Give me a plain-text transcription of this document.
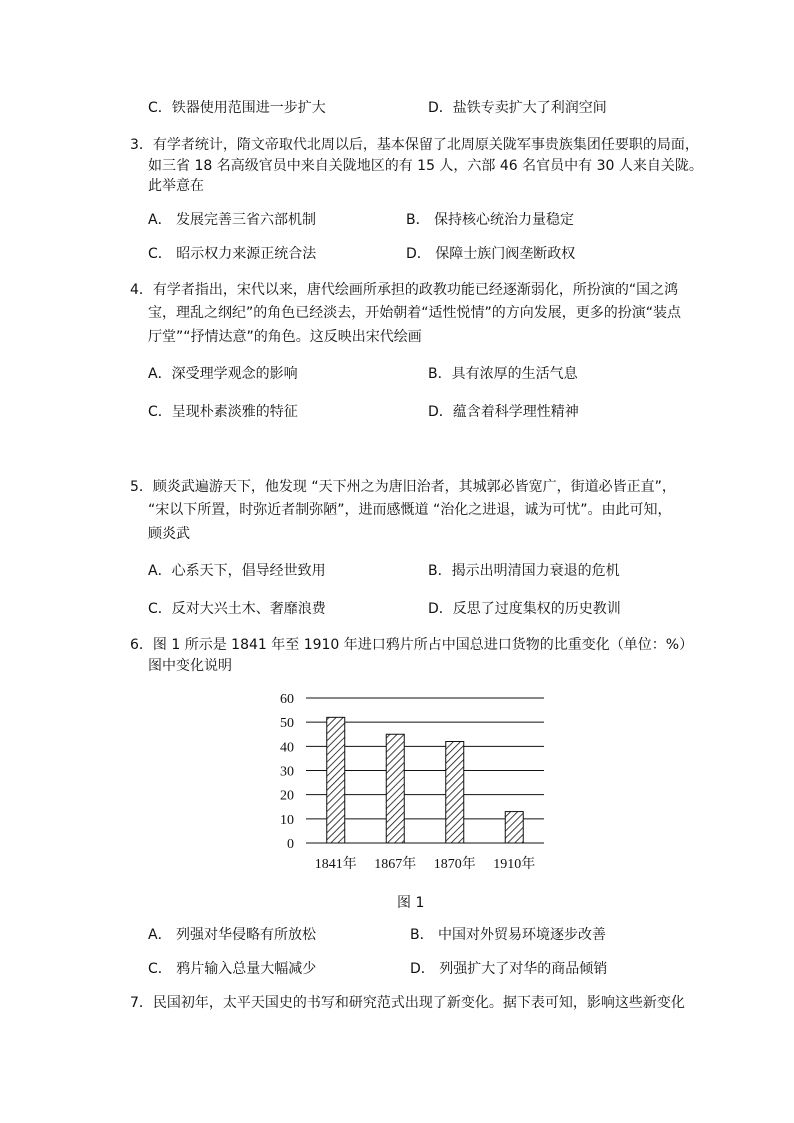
C．铁器使用范围进一步扩大	D．盐铁专卖扩大了利润空间
3．有学者统计，隋文帝取代北周以后，基本保留了北周原关陇军事贵族集团任要职的局面，
如三省 18 名高级官员中来自关陇地区的有 15 人，六部 46 名官员中有 30 人来自关陇。
此举意在
A． 发展完善三省六部机制	B． 保持核心统治力量稳定
C． 昭示权力来源正统合法	D． 保障士族门阀垄断政权
4．有学者指出，宋代以来，唐代绘画所承担的政教功能已经逐渐弱化，所扮演的“国之鸿
宝，理乱之纲纪”的角色已经淡去，开始朝着“适性悦情”的方向发展，更多的扮演“装点
厅堂”“抒情达意”的角色。这反映出宋代绘画
A．深受理学观念的影响	B．具有浓厚的生活气息
C．呈现朴素淡雅的特征	D．蕴含着科学理性精神
5．顾炎武遍游天下，他发现 “天下州之为唐旧治者，其城郭必皆宽广，街道必皆正直”，
“宋以下所置，时弥近者制弥陋”，进而感慨道 “治化之进退，诚为可忧”。由此可知，
顾炎武
A．心系天下，倡导经世致用	B．揭示出明清国力衰退的危机
C．反对大兴土木、奢靡浪费	D．反思了过度集权的历史教训
6．图 1 所示是 1841 年至 1910 年进口鸦片所占中国总进口货物的比重变化（单位：%）
图中变化说明
0
10
20
30
40
50
60
1841年 1867年 1870年 1910年
图 1
A． 列强对华侵略有所放松	B． 中国对外贸易环境逐步改善
C． 鸦片输入总量大幅减少	D． 列强扩大了对华的商品倾销
7．民国初年，太平天国史的书写和研究范式出现了新变化。据下表可知，影响这些新变化
